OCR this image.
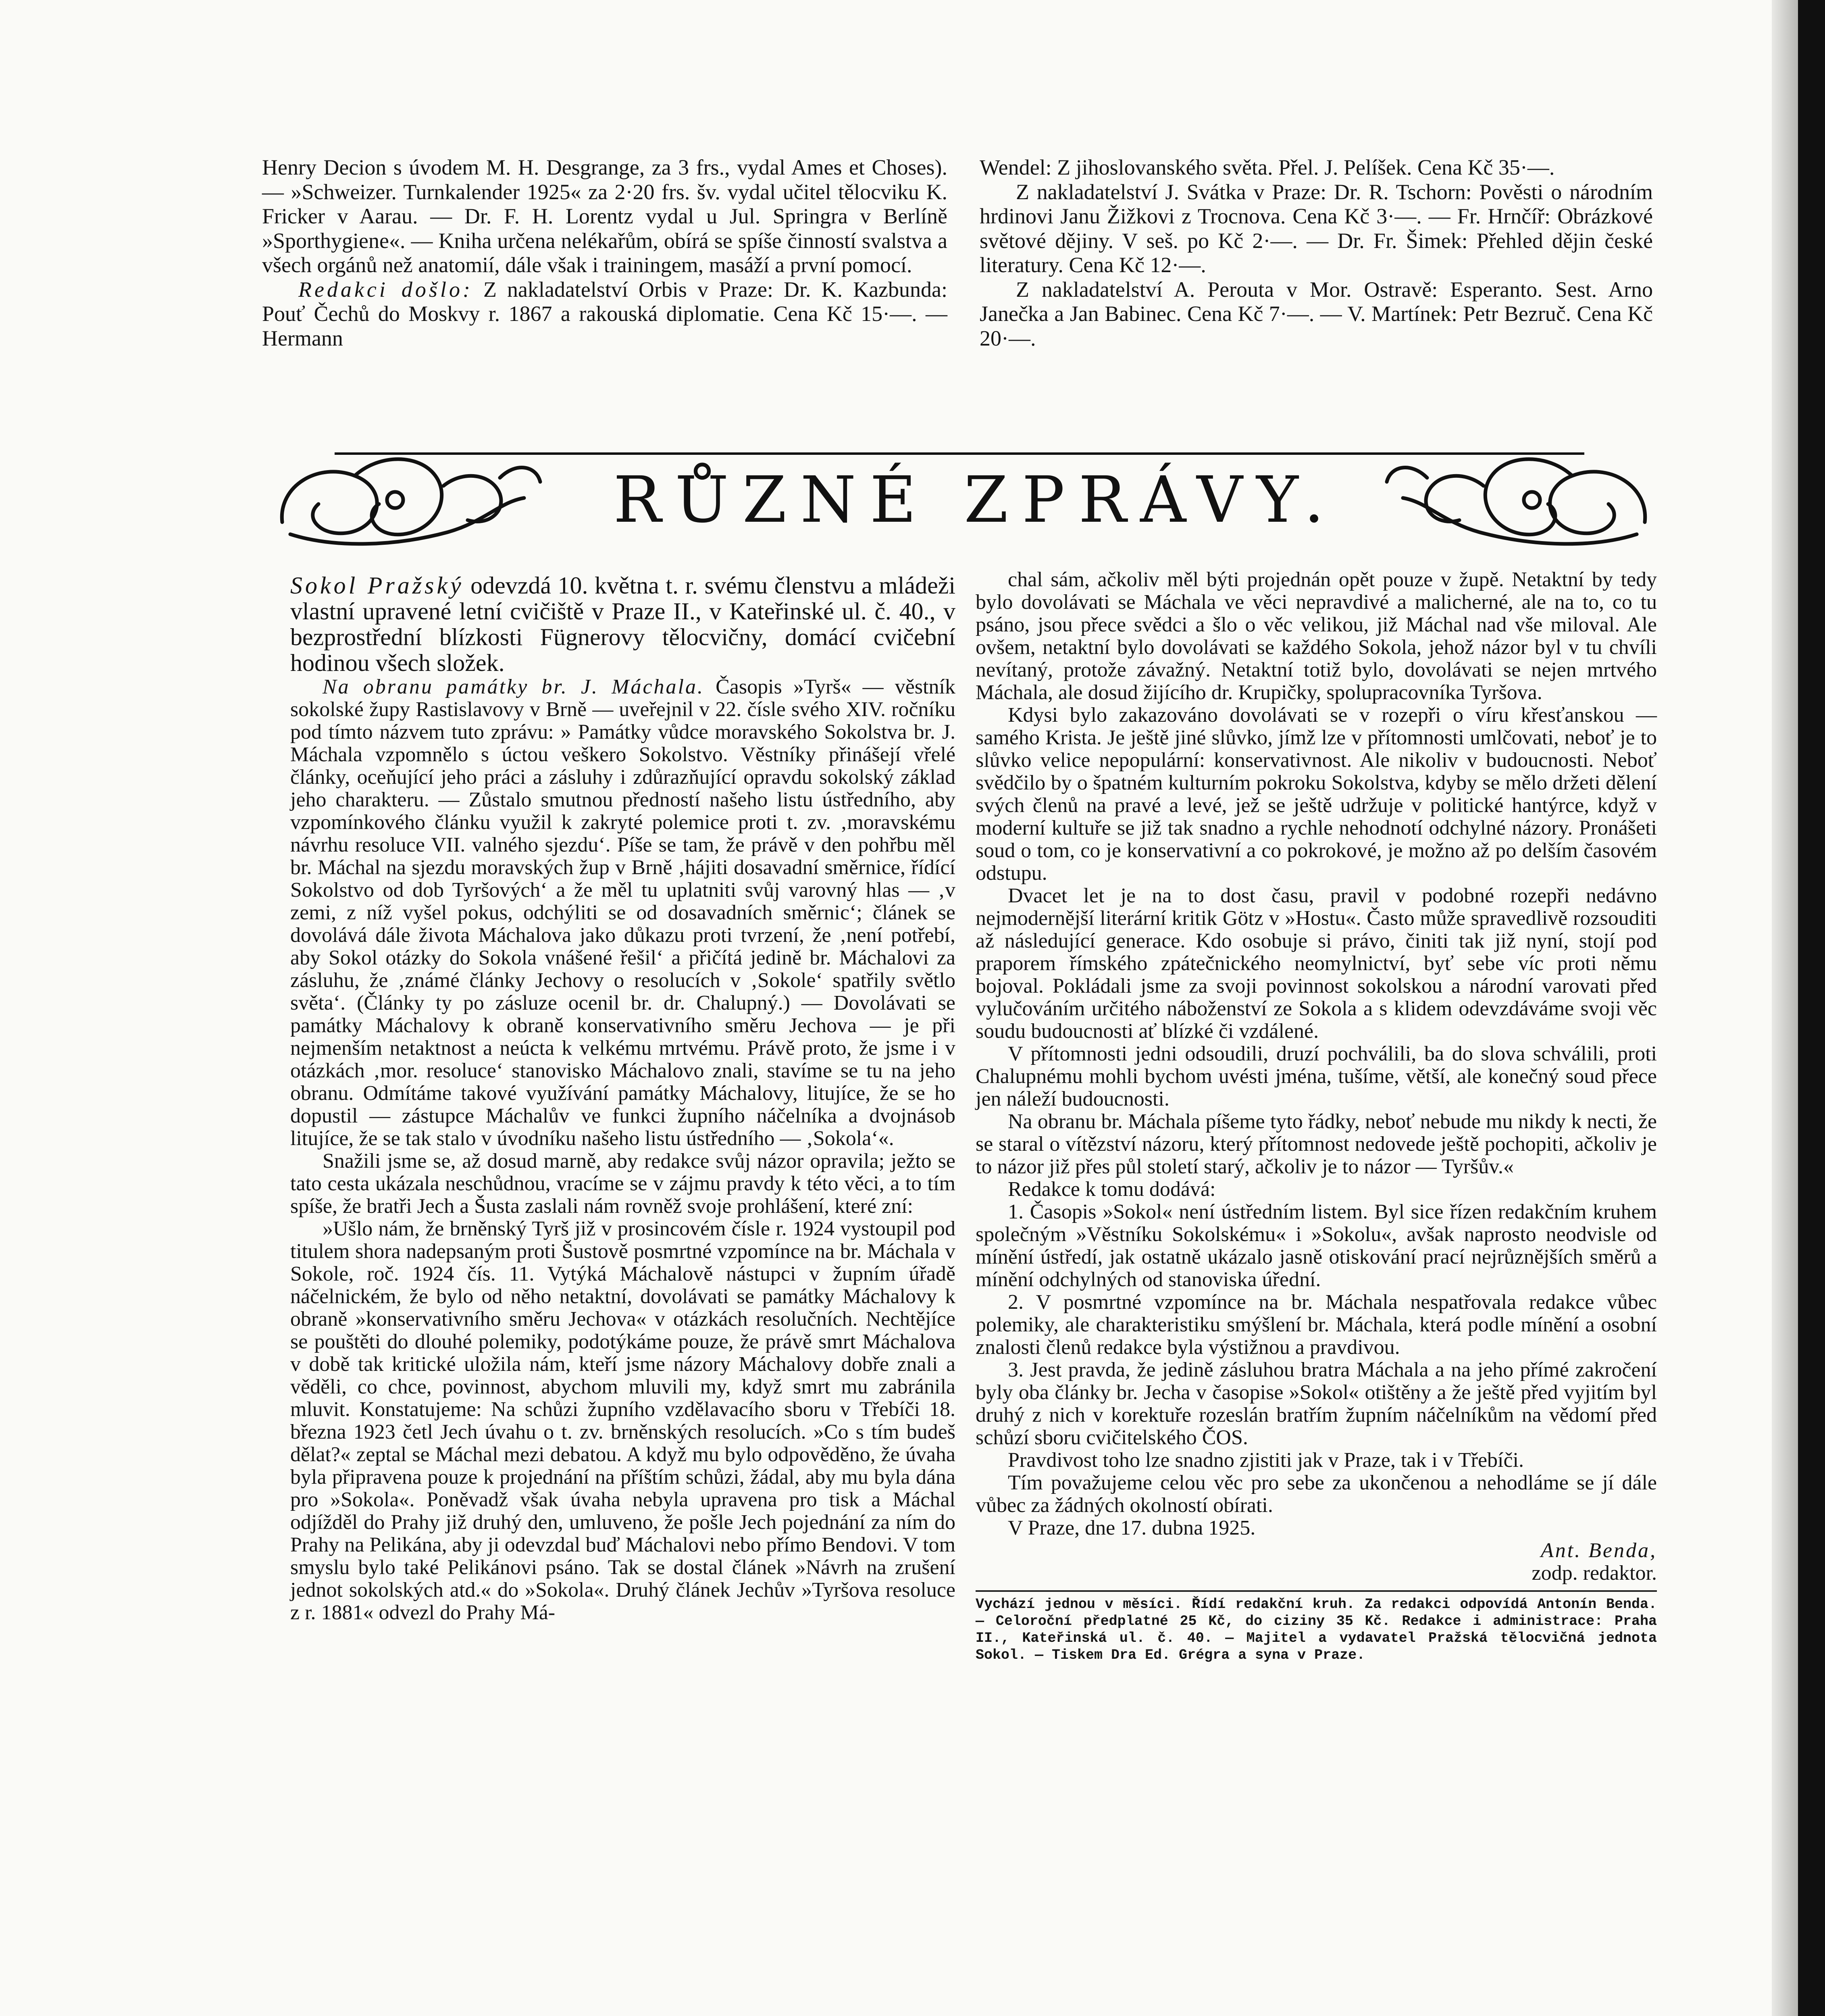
Henry Decion s úvodem M. H. Desgrange, za 3 frs., vydal Ames et Choses). — »Schweizer. Turnkalender 1925« za 2·20 frs. šv. vydal učitel tělocviku K. Fricker v Aarau. — Dr. F. H. Lorentz vydal u Jul. Springra v Berlíně »Sporthygiene«. — Kniha určena nelékařům, obírá se spíše činností svalstva a všech orgánů než anatomií, dále však i trainingem, masáží a první pomocí.

Redakci došlo: Z nakladatelství Orbis v Praze: Dr. K. Kazbunda: Pouť Čechů do Moskvy r. 1867 a rakouská diplomatie. Cena Kč 15·—. — Hermann

Wendel: Z jihoslovanského světa. Přel. J. Pelíšek. Cena Kč 35·—.

Z nakladatelství J. Svátka v Praze: Dr. R. Tschorn: Pověsti o národním hrdinovi Janu Žižkovi z Trocnova. Cena Kč 3·—. — Fr. Hrnčíř: Obrázkové světové dějiny. V seš. po Kč 2·—. — Dr. Fr. Šimek: Přehled dějin české literatury. Cena Kč 12·—.

Z nakladatelství A. Perouta v Mor. Ostravě: Esperanto. Sest. Arno Janečka a Jan Babinec. Cena Kč 7·—. — V. Martínek: Petr Bezruč. Cena Kč 20·—.

RŮZNÉ ZPRÁVY.

Sokol Pražský odevzdá 10. května t. r. svému členstvu a mládeži vlastní upravené letní cvičiště v Praze II., v Kateřinské ul. č. 40., v bezprostřední blízkosti Fügnerovy tělocvičny, domácí cvičební hodinou všech složek.

Na obranu památky br. J. Máchala. Časopis »Tyrš« — věstník sokolské župy Rastislavovy v Brně — uveřejnil v 22. čísle svého XIV. ročníku pod tímto názvem tuto zprávu: » Památky vůdce moravského Sokolstva br. J. Máchala vzpomnělo s úctou veškero Sokolstvo. Věstníky přinášejí vřelé články, oceňující jeho práci a zásluhy i zdůrazňující opravdu sokolský základ jeho charakteru. — Zůstalo smutnou předností našeho listu ústředního, aby vzpomínkového článku využil k zakryté polemice proti t. zv. ‚moravskému návrhu resoluce VII. valného sjezdu‘. Píše se tam, že právě v den pohřbu měl br. Máchal na sjezdu moravských žup v Brně ‚hájiti dosavadní směrnice, řídící Sokolstvo od dob Tyršových‘ a že měl tu uplatniti svůj varovný hlas — ‚v zemi, z níž vyšel pokus, odchýliti se od dosavadních směrnic‘; článek se dovolává dále života Máchalova jako důkazu proti tvrzení, že ‚není potřebí, aby Sokol otázky do Sokola vnášené řešil‘ a přičítá jedině br. Máchalovi za zásluhu, že ‚známé články Jechovy o resolucích v ‚Sokole‘ spatřily světlo světa‘. (Články ty po zásluze ocenil br. dr. Chalupný.) — Dovolávati se památky Máchalovy k obraně konservativního směru Jechova — je při nejmenším netaktnost a neúcta k velkému mrtvému. Právě proto, že jsme i v otázkách ‚mor. resoluce‘ stanovisko Máchalovo znali, stavíme se tu na jeho obranu. Odmítáme takové využívání památky Máchalovy, litujíce, že se ho dopustil — zástupce Máchalův ve funkci župního náčelníka a dvojnásob litujíce, že se tak stalo v úvodníku našeho listu ústředního — ‚Sokola‘«.

Snažili jsme se, až dosud marně, aby redakce svůj názor opravila; ježto se tato cesta ukázala neschůdnou, vracíme se v zájmu pravdy k této věci, a to tím spíše, že bratři Jech a Šusta zaslali nám rovněž svoje prohlášení, které zní:

»Ušlo nám, že brněnský Tyrš již v prosincovém čísle r. 1924 vystoupil pod titulem shora nadepsaným proti Šustově posmrtné vzpomínce na br. Máchala v Sokole, roč. 1924 čís. 11. Vytýká Máchalově nástupci v župním úřadě náčelnickém, že bylo od něho netaktní, dovolávati se památky Máchalovy k obraně »konservativního směru Jechova« v otázkách resolučních. Nechtějíce se pouštěti do dlouhé polemiky, podotýkáme pouze, že právě smrt Máchalova v době tak kritické uložila nám, kteří jsme názory Máchalovy dobře znali a věděli, co chce, povinnost, abychom mluvili my, když smrt mu zabránila mluvit. Konstatujeme: Na schůzi župního vzdělavacího sboru v Třebíči 18. března 1923 četl Jech úvahu o t. zv. brněnských resolucích. »Co s tím budeš dělat?« zeptal se Máchal mezi debatou. A když mu bylo odpověděno, že úvaha byla připravena pouze k projednání na příštím schůzi, žádal, aby mu byla dána pro »Sokola«. Poněvadž však úvaha nebyla upravena pro tisk a Máchal odjížděl do Prahy již druhý den, umluveno, že pošle Jech pojednání za ním do Prahy na Pelikána, aby ji odevzdal buď Máchalovi nebo přímo Bendovi. V tom smyslu bylo také Pelikánovi psáno. Tak se dostal článek »Návrh na zrušení jednot sokolských atd.« do »Sokola«. Druhý článek Jechův »Tyršova resoluce z r. 1881« odvezl do Prahy Má-

chal sám, ačkoliv měl býti projednán opět pouze v župě. Netaktní by tedy bylo dovolávati se Máchala ve věci nepravdivé a malicherné, ale na to, co tu psáno, jsou přece svědci a šlo o věc velikou, již Máchal nad vše miloval. Ale ovšem, netaktní bylo dovolávati se každého Sokola, jehož názor byl v tu chvíli nevítaný, protože závažný. Netaktní totiž bylo, dovolávati se nejen mrtvého Máchala, ale dosud žijícího dr. Krupičky, spolupracovníka Tyršova.

Kdysi bylo zakazováno dovolávati se v rozepři o víru křesťanskou — samého Krista. Je ještě jiné slůvko, jímž lze v přítomnosti umlčovati, neboť je to slůvko velice nepopulární: konservativnost. Ale nikoliv v budoucnosti. Neboť svědčilo by o špatném kulturním pokroku Sokolstva, kdyby se mělo držeti dělení svých členů na pravé a levé, jež se ještě udržuje v politické hantýrce, když v moderní kultuře se již tak snadno a rychle nehodnotí odchylné názory. Pronášeti soud o tom, co je konservativní a co pokrokové, je možno až po delším časovém odstupu.

Dvacet let je na to dost času, pravil v podobné rozepři nedávno nejmodernější literární kritik Götz v »Hostu«. Často může spravedlivě rozsouditi až následující generace. Kdo osobuje si právo, činiti tak již nyní, stojí pod praporem římského zpátečnického neomylnictví, byť sebe víc proti němu bojoval. Pokládali jsme za svoji povinnost sokolskou a národní varovati před vylučováním určitého náboženství ze Sokola a s klidem odevzdáváme svoji věc soudu budoucnosti ať blízké či vzdálené.

V přítomnosti jedni odsoudili, druzí pochválili, ba do slova schválili, proti Chalupnému mohli bychom uvésti jména, tušíme, větší, ale konečný soud přece jen náleží budoucnosti.

Na obranu br. Máchala píšeme tyto řádky, neboť nebude mu nikdy k necti, že se staral o vítězství názoru, který přítomnost nedovede ještě pochopiti, ačkoliv je to názor již přes půl století starý, ačkoliv je to názor — Tyršův.«

Redakce k tomu dodává:

1. Časopis »Sokol« není ústředním listem. Byl sice řízen redakčním kruhem společným »Věstníku Sokolskému« i »Sokolu«, avšak naprosto neodvisle od mínění ústředí, jak ostatně ukázalo jasně otiskování prací nejrůznějších směrů a mínění odchylných od stanoviska úřední.

2. V posmrtné vzpomínce na br. Máchala nespatřovala redakce vůbec polemiky, ale charakteristiku smýšlení br. Máchala, která podle mínění a osobní znalosti členů redakce byla výstižnou a pravdivou.

3. Jest pravda, že jedině zásluhou bratra Máchala a na jeho přímé zakročení byly oba články br. Jecha v časopise »Sokol« otištěny a že ještě před vyjitím byl druhý z nich v korektuře rozeslán bratřím župním náčelníkům na vědomí před schůzí sboru cvičitelského ČOS.

Pravdivost toho lze snadno zjistiti jak v Praze, tak i v Třebíči.

Tím považujeme celou věc pro sebe za ukončenou a nehodláme se jí dále vůbec za žádných okolností obírati.

V Praze, dne 17. dubna 1925.

Ant. Benda,

zodp. redaktor.

Vychází jednou v měsíci. Řídí redakční kruh. Za redakci odpovídá Antonín Benda. — Celoroční předplatné 25 Kč, do ciziny 35 Kč. Redakce i administrace: Praha II., Kateřinská ul. č. 40. — Majitel a vydavatel Pražská tělocvičná jednota Sokol. — Tiskem Dra Ed. Grégra a syna v Praze.
